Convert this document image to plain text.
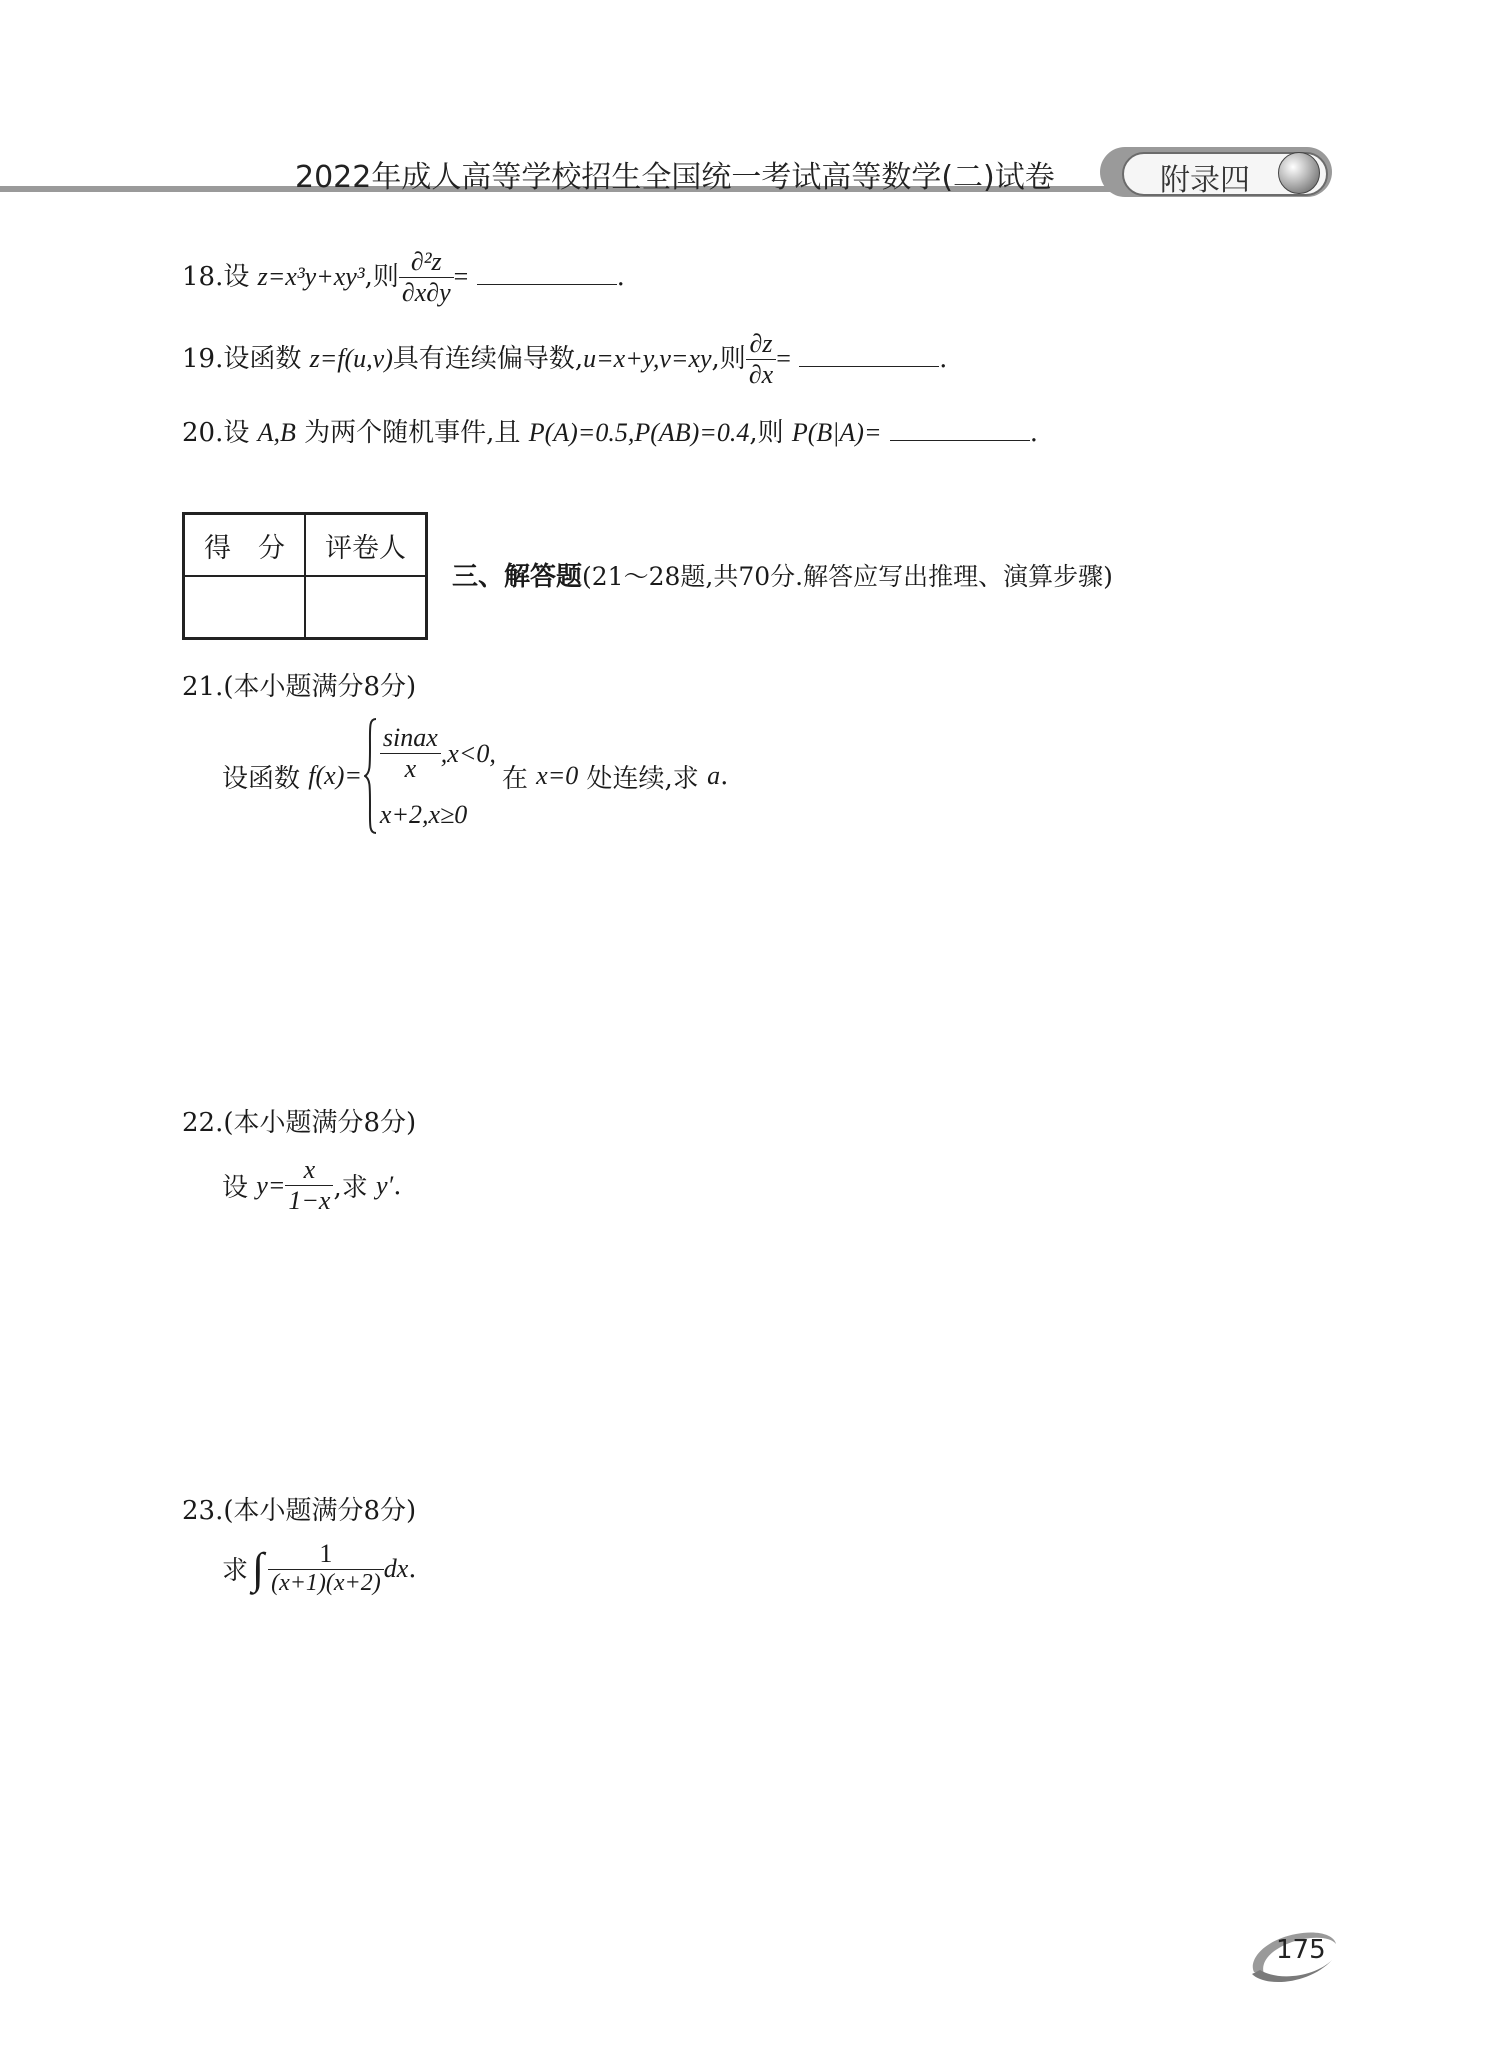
2022年成人高等学校招生全国统一考试高等数学(二)试卷	附录四
18.设 z=x³y+xy³,则 $\frac{\text{∂²z}}{\partial x\partial y}$ =	.
19.设函数 z=f(u,v)具有连续偏导数,u=x+y,v=xy,则 $\frac{\partial z}{\partial x}$ =	.
20.设 A,B 为两个随机事件,且 P(A)=0.5,P(AB)=0.4,则 P(B|A)=	.
得　分	评卷人

三、解答题(21～28题,共70分.解答应写出推理、演算步骤)
21.(本小题满分8分)
设函数
$f(x)= \frac{\text{sinax}}{x} ,x<0$,
x+2,x≥0
在
x=0
处连续,求
a .
22.(本小题满分8分)
设
$y= \frac{x}{1-x}$ ,求
y′ .
23.(本小题满分8分)
求 ∫ $\frac{1}{(x+1)(x+2)}$ dx .
175
